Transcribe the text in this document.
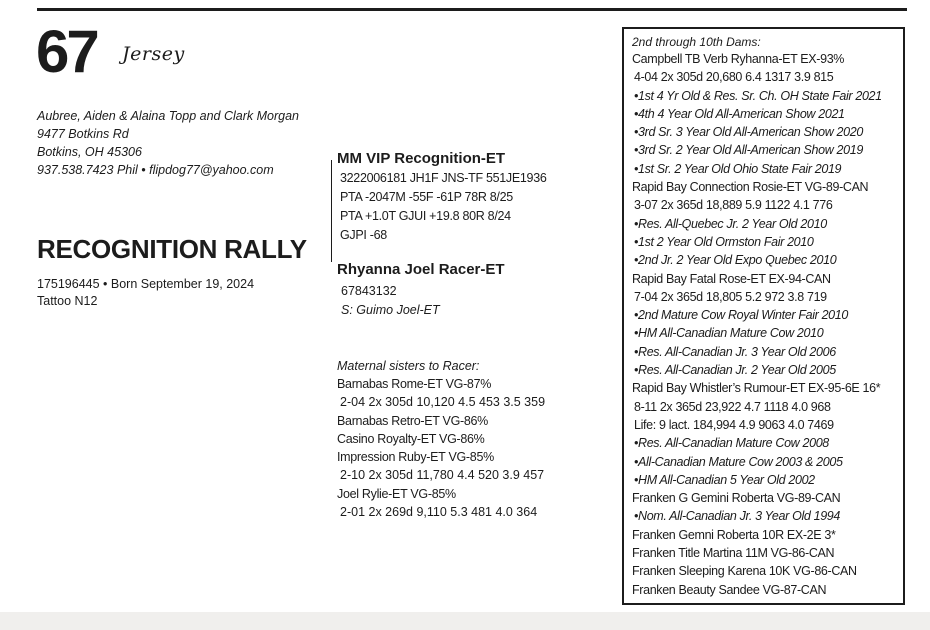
67 Jersey
Aubree, Aiden & Alaina Topp and Clark Morgan
9477 Botkins Rd
Botkins, OH 45306
937.538.7423 Phil • flipdog77@yahoo.com
RECOGNITION RALLY
175196445 • Born September 19, 2024
Tattoo N12
MM VIP Recognition-ET
3222006181 JH1F JNS-TF 551JE1936
PTA -2047M -55F -61P 78R 8/25
PTA +1.0T GJUI +19.8 80R 8/24
GJPI -68
Rhyanna Joel Racer-ET
67843132
S: Guimo Joel-ET
Maternal sisters to Racer:
Barnabas Rome-ET VG-87%
2-04 2x 305d 10,120 4.5 453 3.5 359
Barnabas Retro-ET VG-86%
Casino Royalty-ET VG-86%
Impression Ruby-ET VG-85%
2-10 2x 305d 11,780 4.4 520 3.9 457
Joel Rylie-ET VG-85%
2-01 2x 269d 9,110 5.3 481 4.0 364
2nd through 10th Dams:
Campbell TB Verb Ryhanna-ET EX-93%
4-04 2x 305d 20,680 6.4 1317 3.9 815
•1st 4 Yr Old & Res. Sr. Ch. OH State Fair 2021
•4th 4 Year Old All-American Show 2021
•3rd Sr. 3 Year Old All-American Show 2020
•3rd Sr. 2 Year Old All-American Show 2019
•1st Sr. 2 Year Old Ohio State Fair 2019
Rapid Bay Connection Rosie-ET VG-89-CAN
3-07 2x 365d 18,889 5.9 1122 4.1 776
•Res. All-Quebec Jr. 2 Year Old 2010
•1st 2 Year Old Ormston Fair 2010
•2nd Jr. 2 Year Old Expo Quebec 2010
Rapid Bay Fatal Rose-ET EX-94-CAN
7-04 2x 365d 18,805 5.2 972 3.8 719
•2nd Mature Cow Royal Winter Fair 2010
•HM All-Canadian Mature Cow 2010
•Res. All-Canadian Jr. 3 Year Old 2006
•Res. All-Canadian Jr. 2 Year Old 2005
Rapid Bay Whistler’s Rumour-ET EX-95-6E 16*
8-11 2x 365d 23,922 4.7 1118 4.0 968
Life: 9 lact. 184,994 4.9 9063 4.0 7469
•Res. All-Canadian Mature Cow 2008
•All-Canadian Mature Cow 2003 & 2005
•HM All-Canadian 5 Year Old 2002
Franken G Gemini Roberta VG-89-CAN
•Nom. All-Canadian Jr. 3 Year Old 1994
Franken Gemni Roberta 10R EX-2E 3*
Franken Title Martina 11M VG-86-CAN
Franken Sleeping Karena 10K VG-86-CAN
Franken Beauty Sandee VG-87-CAN
